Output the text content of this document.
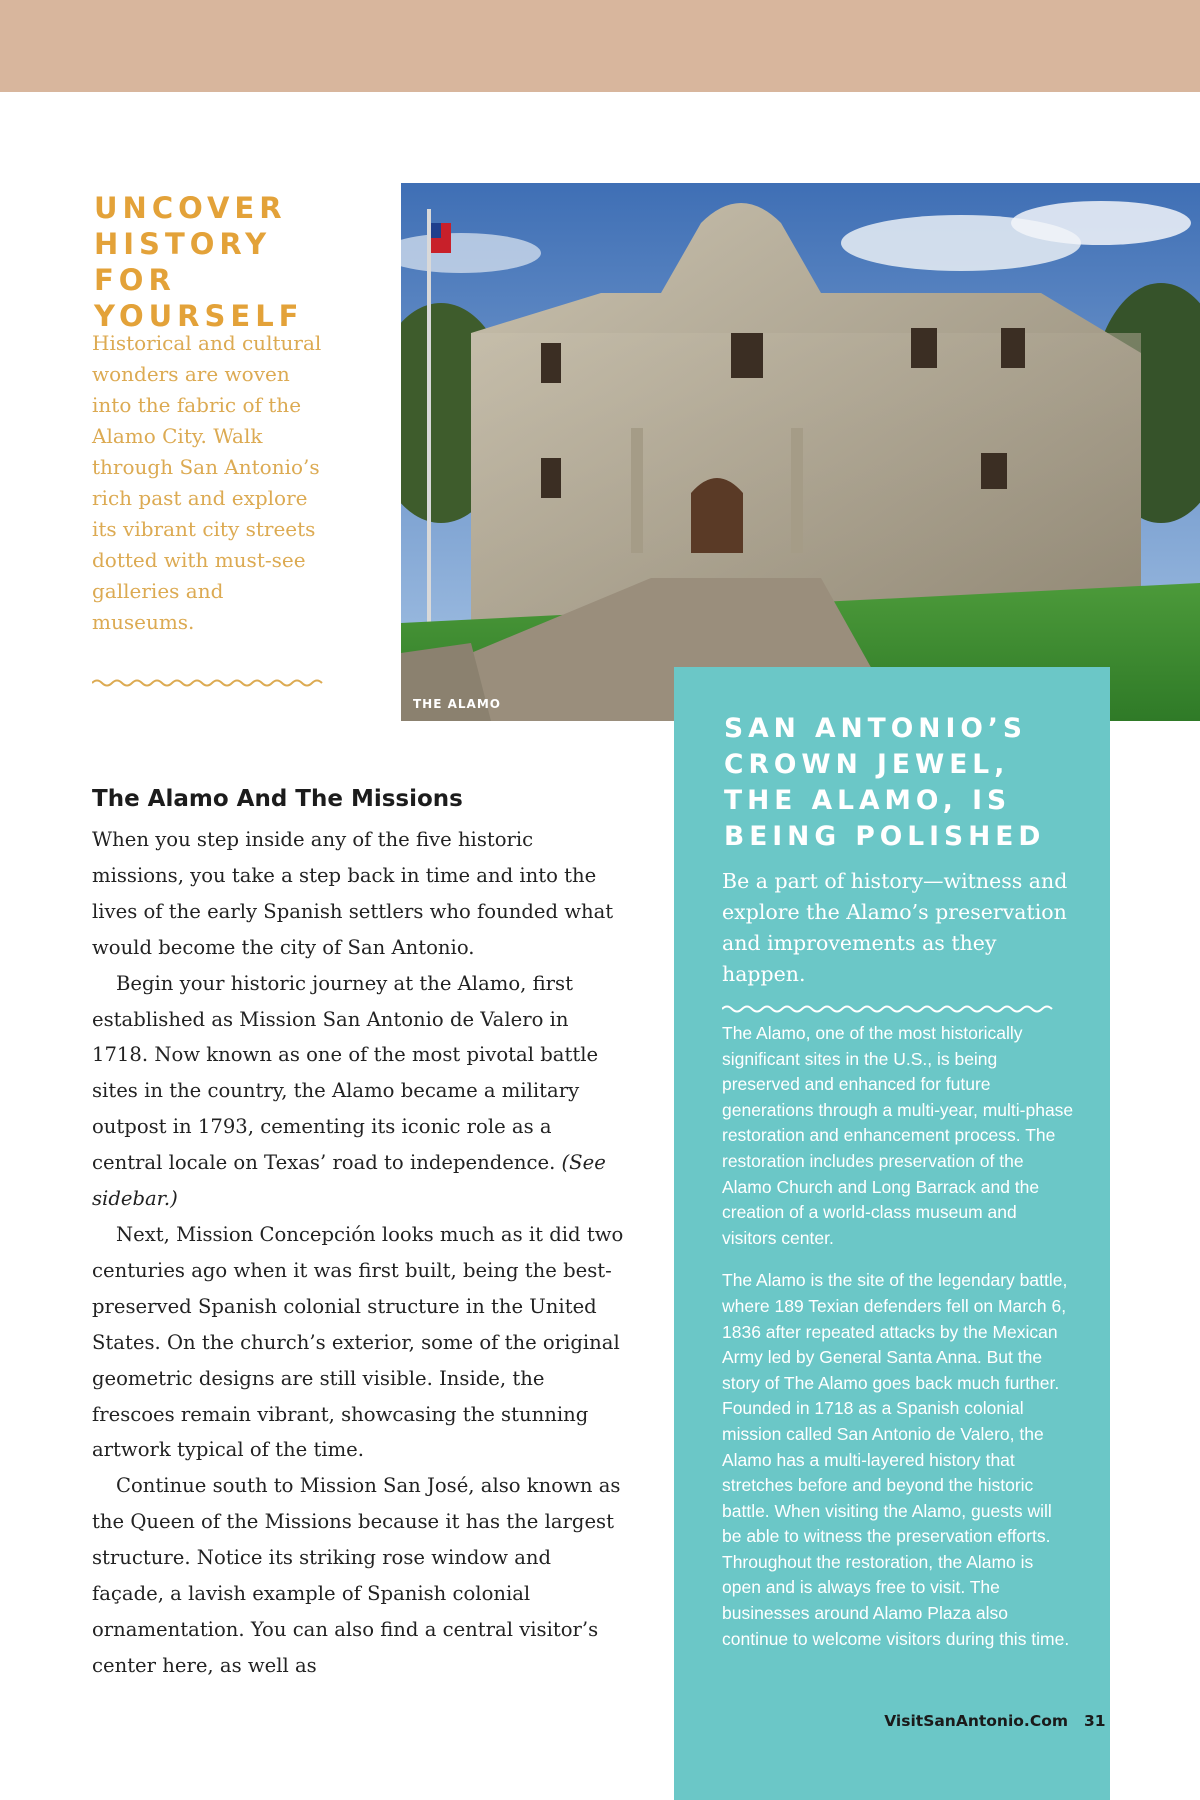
UNCOVER HISTORY FOR YOURSELF
Historical and cultural wonders are woven into the fabric of the Alamo City. Walk through San Antonio’s rich past and explore its vibrant city streets dotted with must-see galleries and museums.
THE ALAMO
The Alamo And The Missions

When you step inside any of the five historic missions, you take a step back in time and into the lives of the early Spanish settlers who founded what would become the city of San Antonio.

Begin your historic journey at the Alamo, first established as Mission San Antonio de Valero in 1718. Now known as one of the most pivotal battle sites in the country, the Alamo became a military outpost in 1793, cementing its iconic role as a central locale on Texas’ road to independence. (See sidebar.)

Next, Mission Concepción looks much as it did two centuries ago when it was first built, being the best-preserved Spanish colonial structure in the United States. On the church’s exterior, some of the original geometric designs are still visible. Inside, the frescoes remain vibrant, showcasing the stunning artwork typical of the time.

Continue south to Mission San José, also known as the Queen of the Missions because it has the largest structure. Notice its striking rose window and façade, a lavish example of Spanish colonial ornamentation. You can also find a central visitor’s center here, as well as

SAN ANTONIO’S CROWN JEWEL, THE ALAMO, IS BEING POLISHED
Be a part of history—witness and explore the Alamo’s preservation and improvements as they happen.

The Alamo, one of the most historically significant sites in the U.S., is being preserved and enhanced for future generations through a multi-year, multi-phase restoration and enhancement process. The restoration includes preservation of the Alamo Church and Long Barrack and the creation of a world-class museum and visitors center.

The Alamo is the site of the legendary battle, where 189 Texian defenders fell on March 6, 1836 after repeated attacks by the Mexican Army led by General Santa Anna. But the story of The Alamo goes back much further. Founded in 1718 as a Spanish colonial mission called San Antonio de Valero, the Alamo has a multi-layered history that stretches before and beyond the historic battle. When visiting the Alamo, guests will be able to witness the preservation efforts. Throughout the restoration, the Alamo is open and is always free to visit. The businesses around Alamo Plaza also continue to welcome visitors during this time.

VisitSanAntonio.Com 31
